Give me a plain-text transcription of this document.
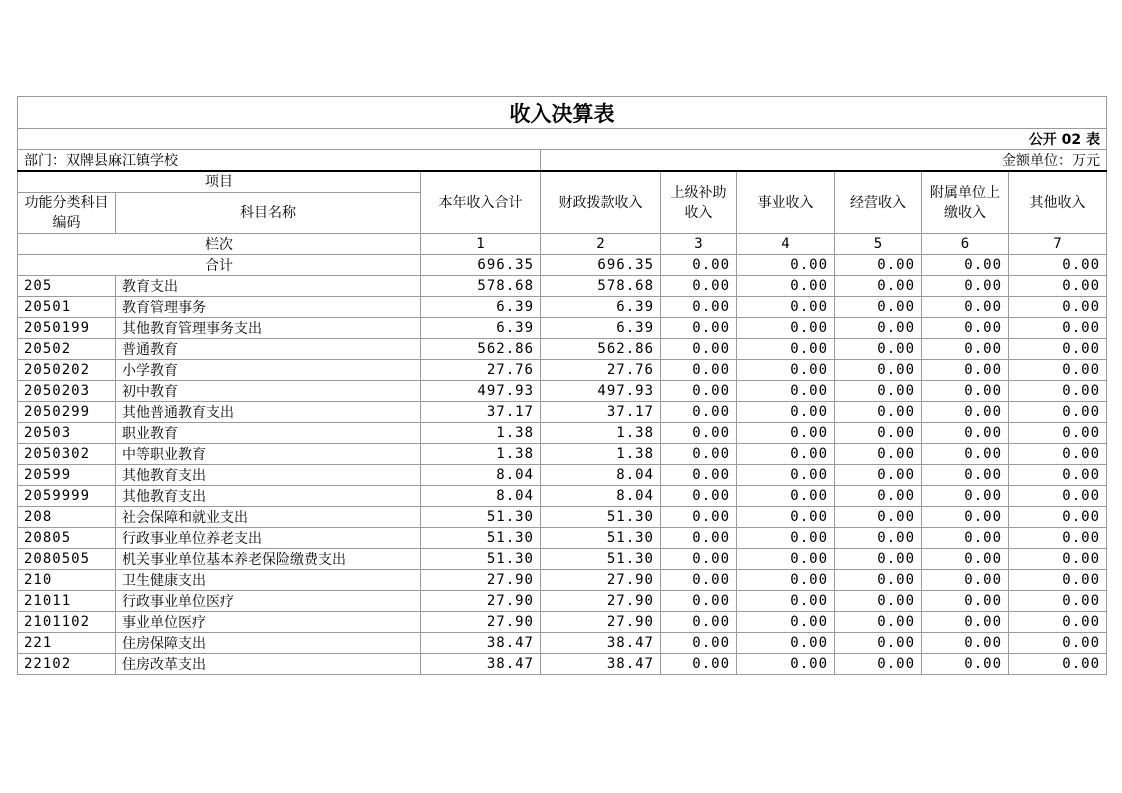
收入决算表								
公开 02 表								
部门：双牌县麻江镇学校			金额单位：万元					
项目		本年收入合计	财政拨款收入	上级补助收入	事业收入	经营收入	附属单位上缴收入	其他收入
功能分类科目编码	科目名称							
栏次		1	2	3	4	5	6	7
合计		696.35	696.35	0.00	0.00	0.00	0.00	0.00
205	教育支出	578.68	578.68	0.00	0.00	0.00	0.00	0.00
20501	教育管理事务	6.39	6.39	0.00	0.00	0.00	0.00	0.00
2050199	其他教育管理事务支出	6.39	6.39	0.00	0.00	0.00	0.00	0.00
20502	普通教育	562.86	562.86	0.00	0.00	0.00	0.00	0.00
2050202	小学教育	27.76	27.76	0.00	0.00	0.00	0.00	0.00
2050203	初中教育	497.93	497.93	0.00	0.00	0.00	0.00	0.00
2050299	其他普通教育支出	37.17	37.17	0.00	0.00	0.00	0.00	0.00
20503	职业教育	1.38	1.38	0.00	0.00	0.00	0.00	0.00
2050302	中等职业教育	1.38	1.38	0.00	0.00	0.00	0.00	0.00
20599	其他教育支出	8.04	8.04	0.00	0.00	0.00	0.00	0.00
2059999	其他教育支出	8.04	8.04	0.00	0.00	0.00	0.00	0.00
208	社会保障和就业支出	51.30	51.30	0.00	0.00	0.00	0.00	0.00
20805	行政事业单位养老支出	51.30	51.30	0.00	0.00	0.00	0.00	0.00
2080505	机关事业单位基本养老保险缴费支出	51.30	51.30	0.00	0.00	0.00	0.00	0.00
210	卫生健康支出	27.90	27.90	0.00	0.00	0.00	0.00	0.00
21011	行政事业单位医疗	27.90	27.90	0.00	0.00	0.00	0.00	0.00
2101102	事业单位医疗	27.90	27.90	0.00	0.00	0.00	0.00	0.00
221	住房保障支出	38.47	38.47	0.00	0.00	0.00	0.00	0.00
22102	住房改革支出	38.47	38.47	0.00	0.00	0.00	0.00	0.00
